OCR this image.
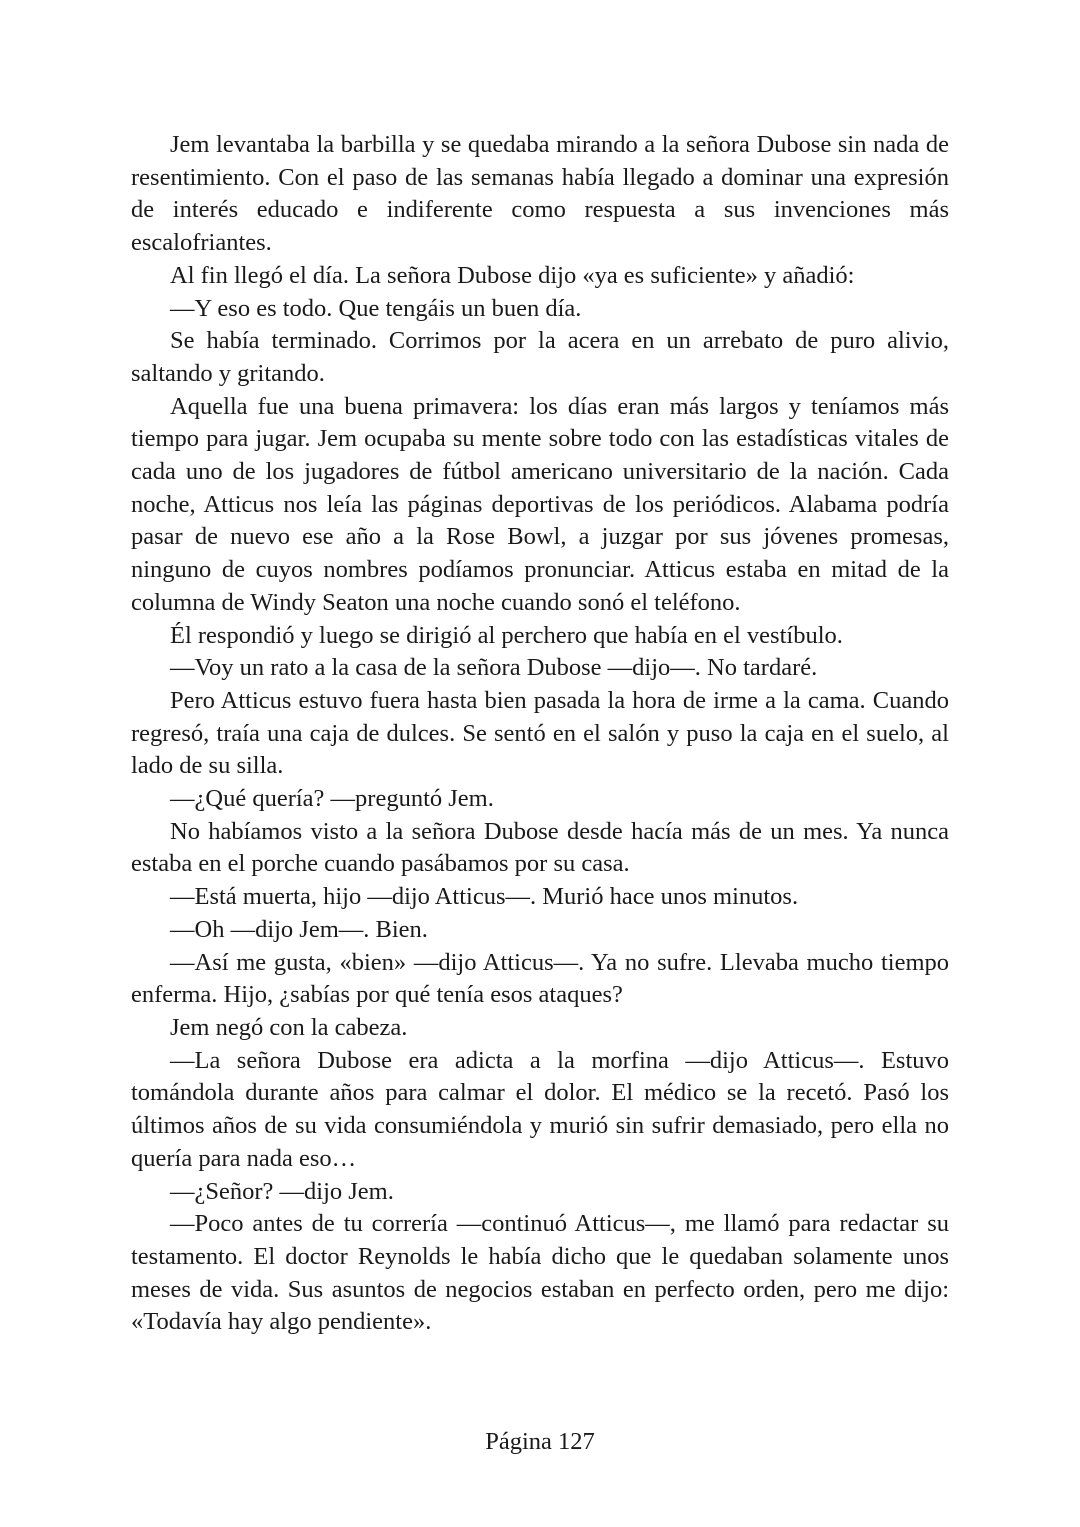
Jem levantaba la barbilla y se quedaba mirando a la señora Dubose sin nada de resentimiento. Con el paso de las semanas había llegado a dominar una expresión de interés educado e indiferente como respuesta a sus invenciones más escalofriantes.

Al fin llegó el día. La señora Dubose dijo «ya es suficiente» y añadió:

—Y eso es todo. Que tengáis un buen día.

Se había terminado. Corrimos por la acera en un arrebato de puro alivio, saltando y gritando.

Aquella fue una buena primavera: los días eran más largos y teníamos más tiempo para jugar. Jem ocupaba su mente sobre todo con las estadísticas vitales de cada uno de los jugadores de fútbol americano universitario de la nación. Cada noche, Atticus nos leía las páginas deportivas de los periódicos. Alabama podría pasar de nuevo ese año a la Rose Bowl, a juzgar por sus jóvenes promesas, ninguno de cuyos nombres podíamos pronunciar. Atticus estaba en mitad de la columna de Windy Seaton una noche cuando sonó el teléfono.

Él respondió y luego se dirigió al perchero que había en el vestíbulo.

—Voy un rato a la casa de la señora Dubose —dijo—. No tardaré.

Pero Atticus estuvo fuera hasta bien pasada la hora de irme a la cama. Cuando regresó, traía una caja de dulces. Se sentó en el salón y puso la caja en el suelo, al lado de su silla.

—¿Qué quería? —preguntó Jem.

No habíamos visto a la señora Dubose desde hacía más de un mes. Ya nunca estaba en el porche cuando pasábamos por su casa.

—Está muerta, hijo —dijo Atticus—. Murió hace unos minutos.

—Oh —dijo Jem—. Bien.

—Así me gusta, «bien» —dijo Atticus—. Ya no sufre. Llevaba mucho tiempo enferma. Hijo, ¿sabías por qué tenía esos ataques?

Jem negó con la cabeza.

—La señora Dubose era adicta a la morfina —dijo Atticus—. Estuvo tomándola durante años para calmar el dolor. El médico se la recetó. Pasó los últimos años de su vida consumiéndola y murió sin sufrir demasiado, pero ella no quería para nada eso…

—¿Señor? —dijo Jem.

—Poco antes de tu correría —continuó Atticus—, me llamó para redactar su testamento. El doctor Reynolds le había dicho que le quedaban solamente unos meses de vida. Sus asuntos de negocios estaban en perfecto orden, pero me dijo: «Todavía hay algo pendiente».

Página 127
